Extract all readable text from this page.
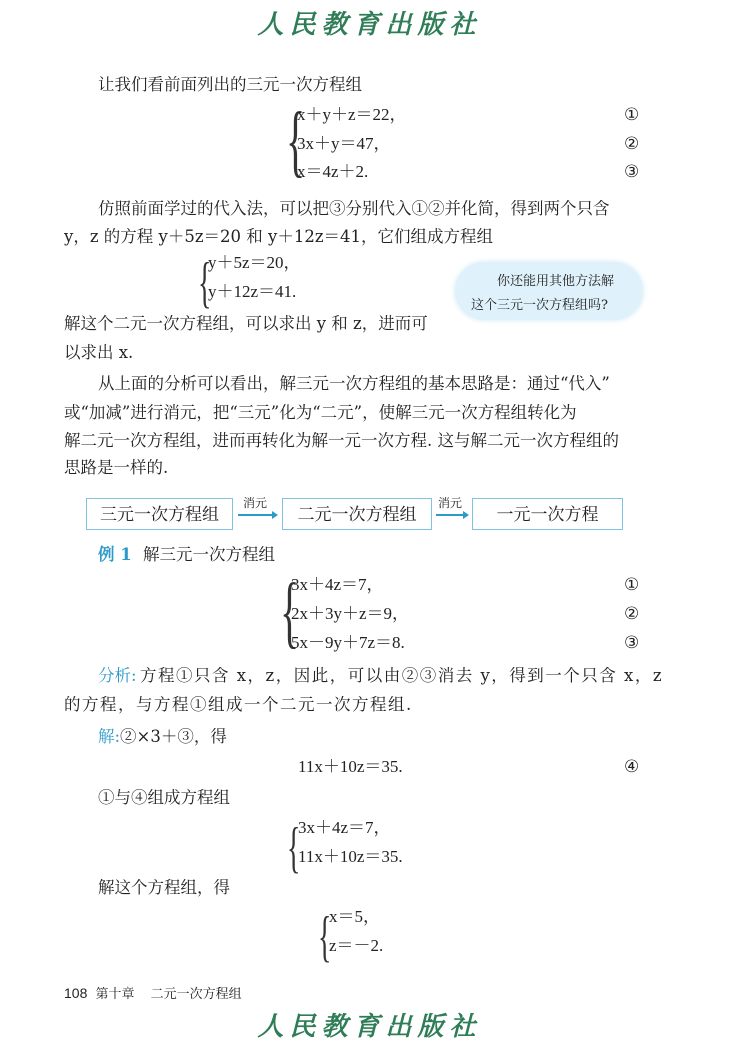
人民教育出版社
让我们看前面列出的三元一次方程组
{
x＋y＋z＝22，	①
3x＋y＝47，	②
x＝4z＋2.	③
仿照前面学过的代入法，可以把③分别代入①②并化简，得到两个只含
y，z 的方程 y＋5z＝20 和 y＋12z＝41，它们组成方程组
{
y＋5z＝20，
y＋12z＝41.
你还能用其他方法解
这个三元一次方程组吗?
解这个二元一次方程组，可以求出 y 和 z，进而可
以求出 x.
从上面的分析可以看出，解三元一次方程组的基本思路是：通过“代入”
或“加减”进行消元，把“三元”化为“二元”，使解三元一次方程组转化为
解二元一次方程组，进而再转化为解一元一次方程. 这与解二元一次方程组的
思路是一样的.
三元一次方程组
消元
二元一次方程组
消元
一元一次方程
例 1 解三元一次方程组
{
3x＋4z＝7，	①
2x＋3y＋z＝9，	②
5x－9y＋7z＝8.	③
分析: 方程①只含 x，z，因此，可以由②③消去 y，得到一个只含 x，z
的方程，与方程①组成一个二元一次方程组.
解: ②×3＋③，得
11x＋10z＝35.	④
①与④组成方程组
{
3x＋4z＝7，
11x＋10z＝35.
解这个方程组，得
{
x＝5，
z＝－2.
108 第十章 二元一次方程组
人民教育出版社
